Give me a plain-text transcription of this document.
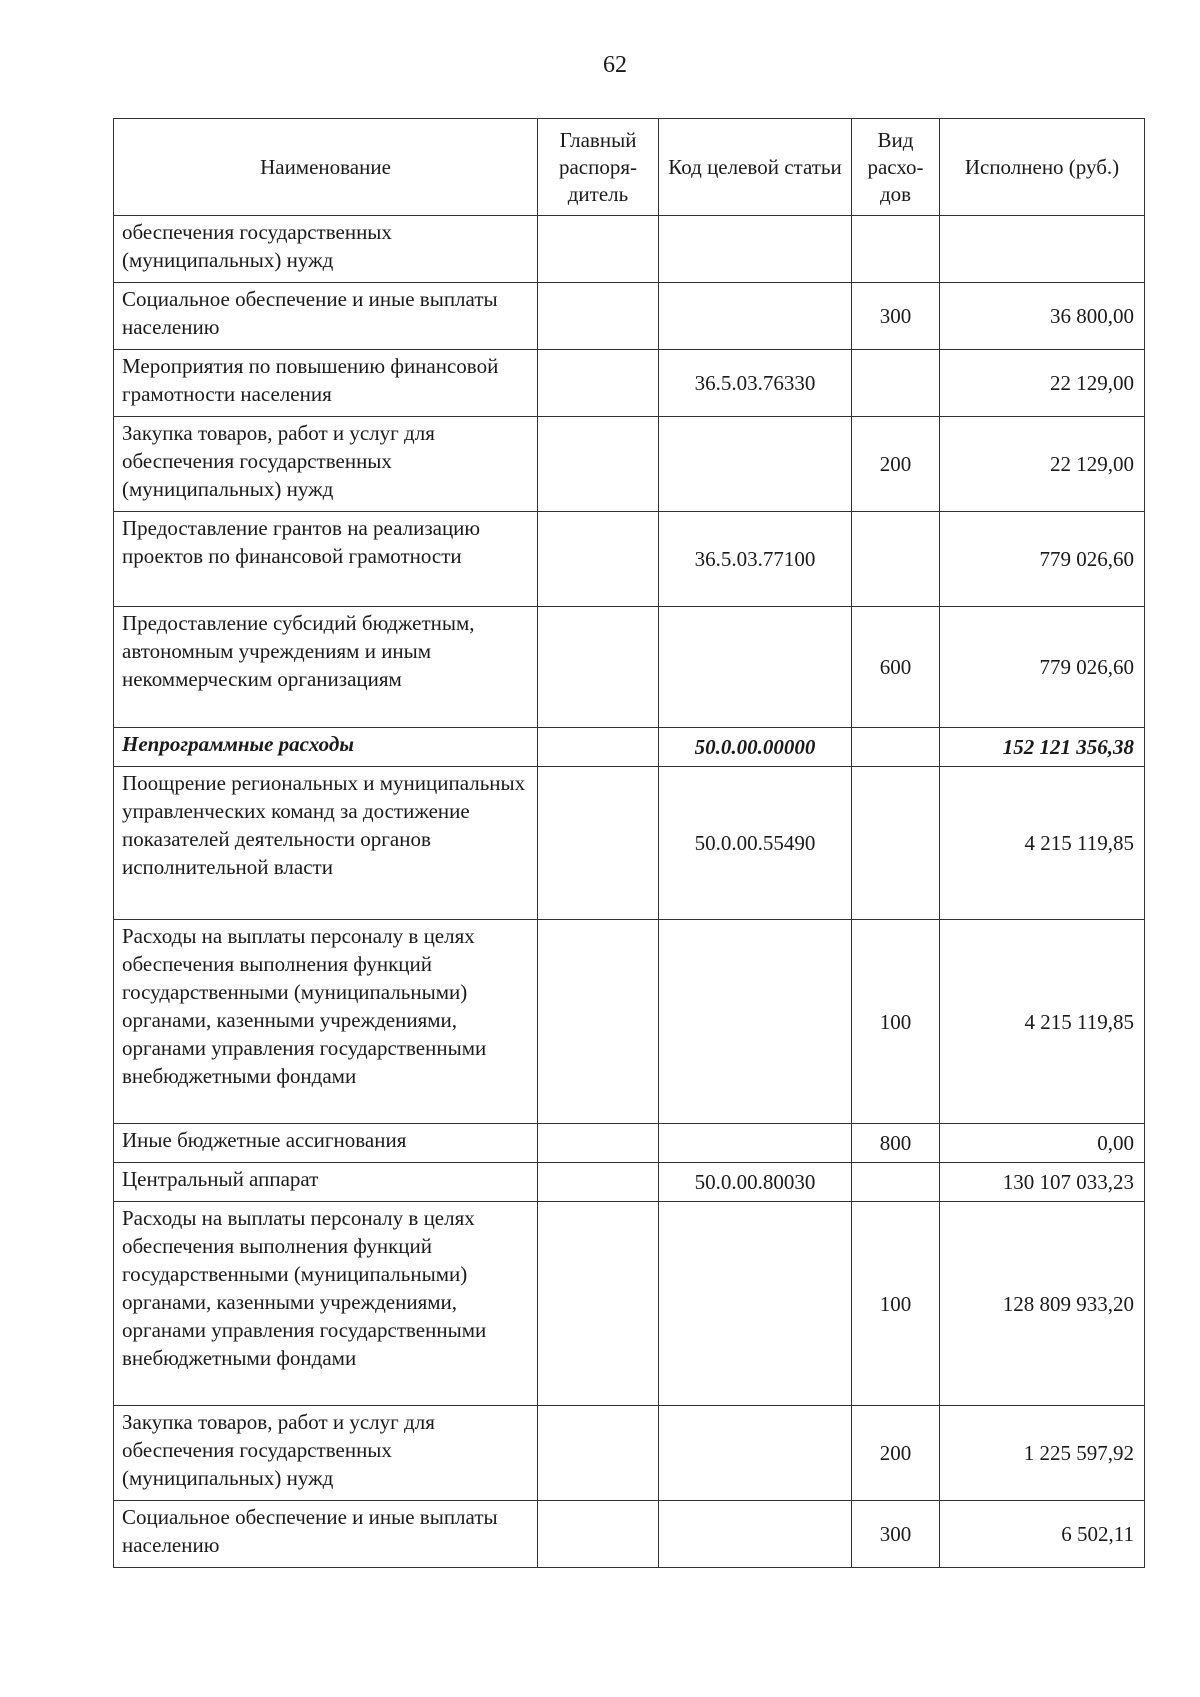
62
Наименование	Главный распоря-дитель	Код целевой статьи	Вид расхо-дов	Исполнено (руб.)
обеспечения государственных (муниципальных) нужд				
Социальное обеспечение и иные выплаты населению			300	36 800,00
Мероприятия по повышению финансовой грамотности населения		36.5.03.76330		22 129,00
Закупка товаров, работ и услуг для обеспечения государственных (муниципальных) нужд			200	22 129,00
Предоставление грантов на реализацию проектов по финансовой грамотности		36.5.03.77100		779 026,60
Предоставление субсидий бюджетным, автономным учреждениям и иным некоммерческим организациям			600	779 026,60
Непрограммные расходы		50.0.00.00000		152 121 356,38
Поощрение региональных и муниципальных управленческих команд за достижение показателей деятельности органов исполнительной власти		50.0.00.55490		4 215 119,85
Расходы на выплаты персоналу в целях обеспечения выполнения функций государственными (муниципальными) органами, казенными учреждениями, органами управления государственными внебюджетными фондами			100	4 215 119,85
Иные бюджетные ассигнования			800	0,00
Центральный аппарат		50.0.00.80030		130 107 033,23
Расходы на выплаты персоналу в целях обеспечения выполнения функций государственными (муниципальными) органами, казенными учреждениями, органами управления государственными внебюджетными фондами			100	128 809 933,20
Закупка товаров, работ и услуг для обеспечения государственных (муниципальных) нужд			200	1 225 597,92
Социальное обеспечение и иные выплаты населению			300	6 502,11
